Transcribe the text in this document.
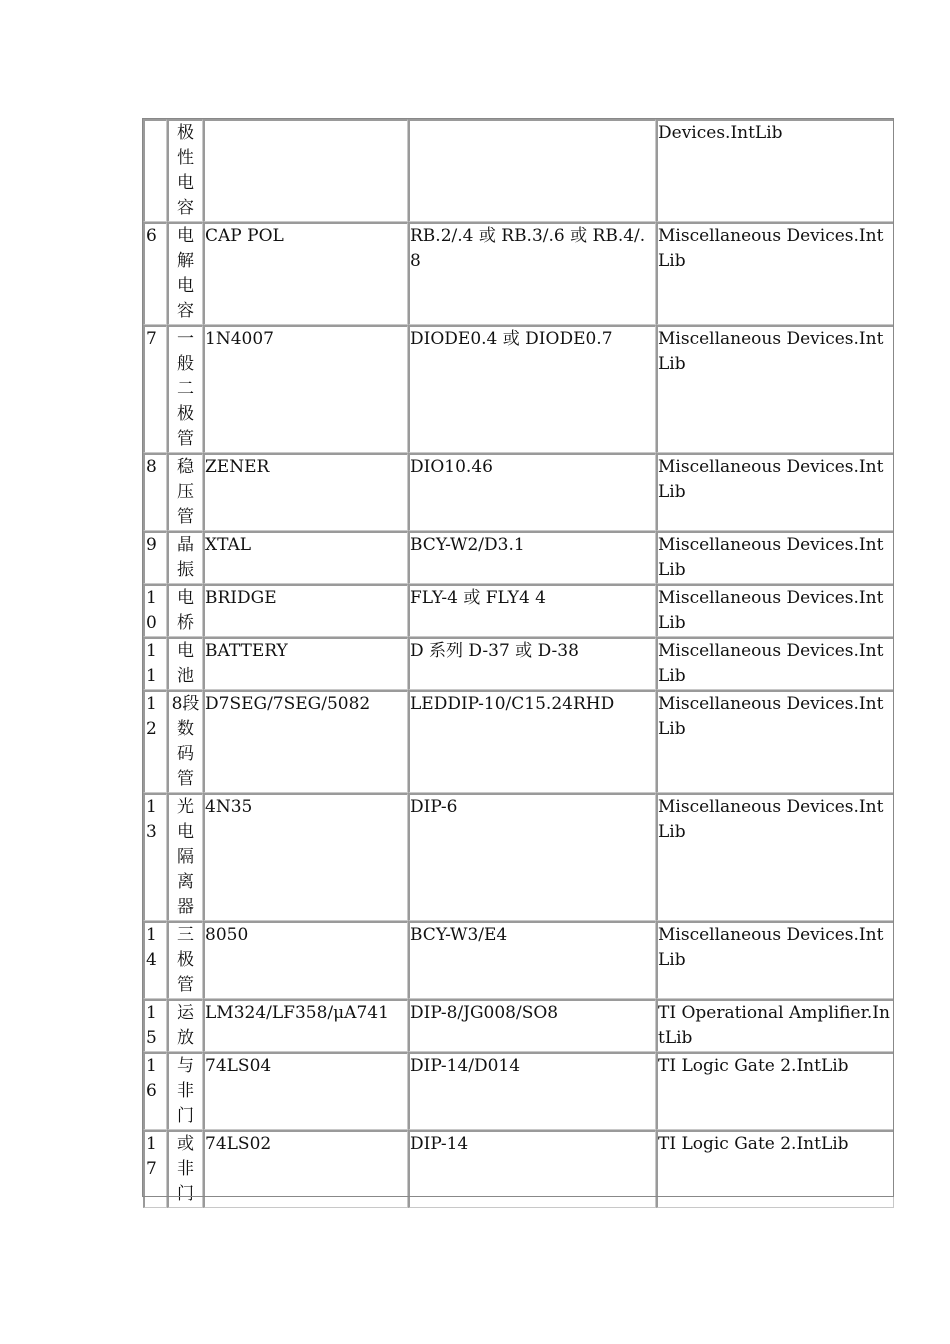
	极性电容			Devices.IntLib
6	电解电容	CAP POL	RB.2/.4 或 RB.3/.6 或 RB.4/.8	Miscellaneous Devices.IntLib
7	一般二极管	1N4007	DIODE0.4 或 DIODE0.7	Miscellaneous Devices.IntLib
8	稳压管	ZENER	DIO10.46	Miscellaneous Devices.IntLib
9	晶振	XTAL	BCY-W2/D3.1	Miscellaneous Devices.IntLib
10	电桥	BRIDGE	FLY-4 或 FLY4 4	Miscellaneous Devices.IntLib
11	电池	BATTERY	D 系列 D-37 或 D-38	Miscellaneous Devices.IntLib
12	8段数码管	D7SEG/7SEG/5082	LEDDIP-10/C15.24RHD	Miscellaneous Devices.IntLib
13	光电隔离器	4N35	DIP-6	Miscellaneous Devices.IntLib
14	三极管	8050	BCY-W3/E4	Miscellaneous Devices.IntLib
15	运放	LM324/LF358/μA741	DIP-8/JG008/SO8	TI Operational Amplifier.IntLib
16	与非门	74LS04	DIP-14/D014	TI Logic Gate 2.IntLib
17	或非门	74LS02	DIP-14	TI Logic Gate 2.IntLib
